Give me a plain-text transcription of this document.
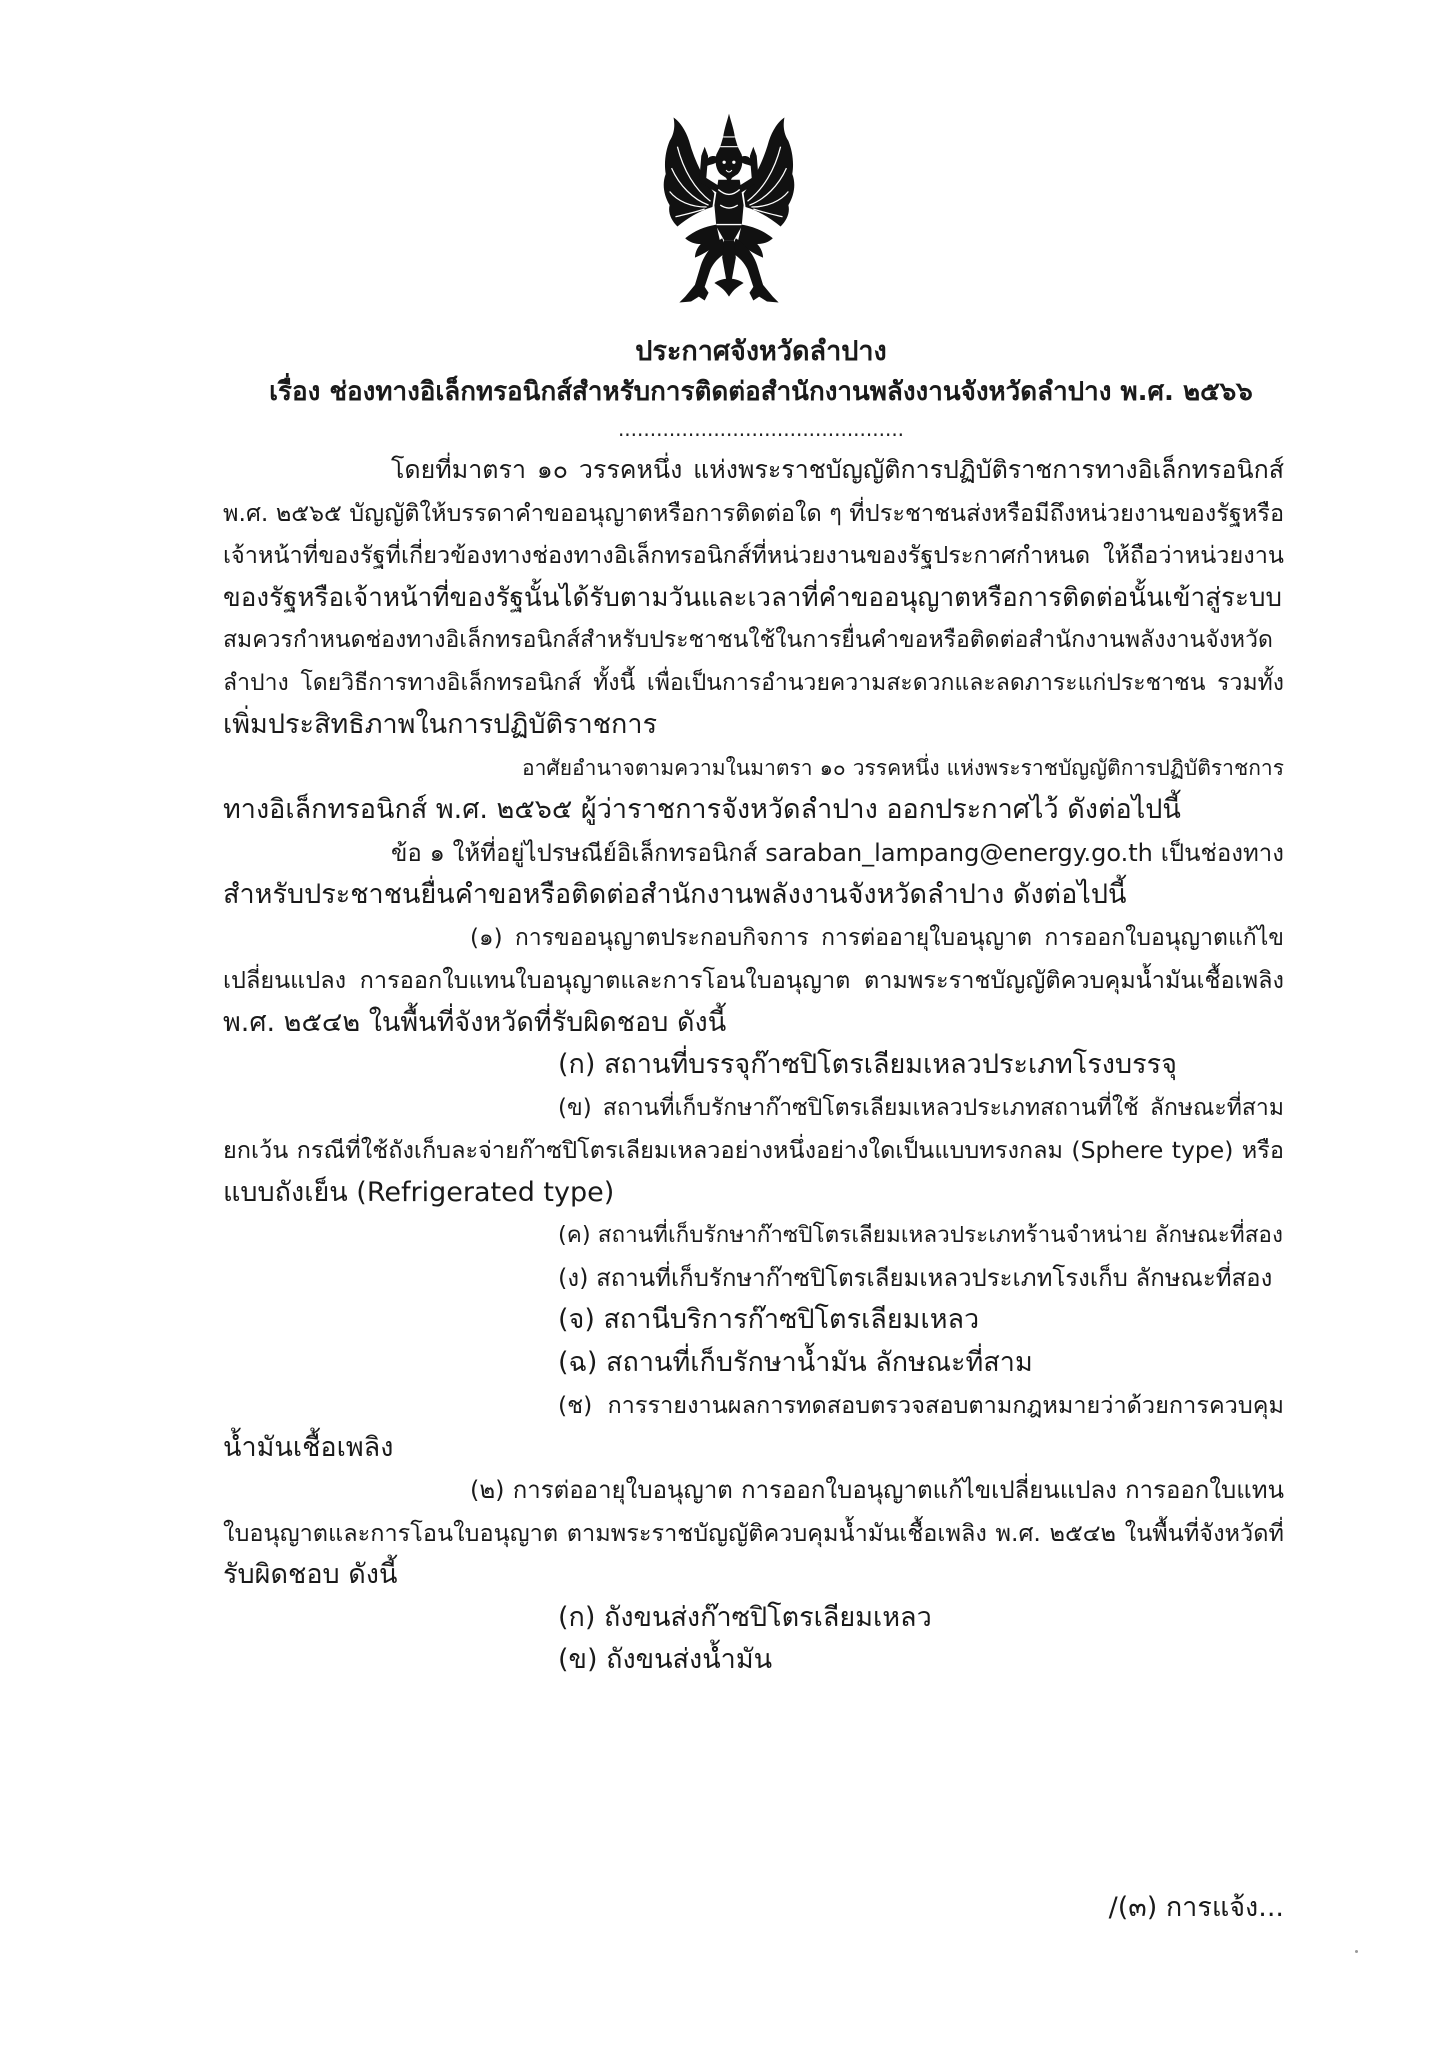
ประกาศจังหวัดลำปาง
เรื่อง ช่องทางอิเล็กทรอนิกส์สำหรับการติดต่อสำนักงานพลังงานจังหวัดลำปาง พ.ศ. ๒๕๖๖
.............................................
โดยที่มาตรา ๑๐ วรรคหนึ่ง แห่งพระราชบัญญัติการปฏิบัติราชการทางอิเล็กทรอนิกส์
พ.ศ. ๒๕๖๕ บัญญัติให้บรรดาคำขออนุญาตหรือการติดต่อใด ๆ ที่ประชาชนส่งหรือมีถึงหน่วยงานของรัฐหรือ
เจ้าหน้าที่ของรัฐที่เกี่ยวข้องทางช่องทางอิเล็กทรอนิกส์ที่หน่วยงานของรัฐประกาศกำหนด ให้ถือว่าหน่วยงาน
ของรัฐหรือเจ้าหน้าที่ของรัฐนั้นได้รับตามวันและเวลาที่คำขออนุญาตหรือการติดต่อนั้นเข้าสู่ระบบ
สมควรกำหนดช่องทางอิเล็กทรอนิกส์สำหรับประชาชนใช้ในการยื่นคำขอหรือติดต่อสำนักงานพลังงานจังหวัด
ลำปาง โดยวิธีการทางอิเล็กทรอนิกส์ ทั้งนี้ เพื่อเป็นการอำนวยความสะดวกและลดภาระแก่ประชาชน รวมทั้ง
เพิ่มประสิทธิภาพในการปฏิบัติราชการ
อาศัยอำนาจตามความในมาตรา ๑๐ วรรคหนึ่ง แห่งพระราชบัญญัติการปฏิบัติราชการ
ทางอิเล็กทรอนิกส์ พ.ศ. ๒๕๖๕ ผู้ว่าราชการจังหวัดลำปาง ออกประกาศไว้ ดังต่อไปนี้
ข้อ ๑ ให้ที่อยู่ไปรษณีย์อิเล็กทรอนิกส์ saraban_lampang@energy.go.th เป็นช่องทาง
สำหรับประชาชนยื่นคำขอหรือติดต่อสำนักงานพลังงานจังหวัดลำปาง ดังต่อไปนี้
(๑) การขออนุญาตประกอบกิจการ การต่ออายุใบอนุญาต การออกใบอนุญาตแก้ไข
เปลี่ยนแปลง การออกใบแทนใบอนุญาตและการโอนใบอนุญาต ตามพระราชบัญญัติควบคุมน้ำมันเชื้อเพลิง
พ.ศ. ๒๕๔๒ ในพื้นที่จังหวัดที่รับผิดชอบ ดังนี้
(ก) สถานที่บรรจุก๊าซปิโตรเลียมเหลวประเภทโรงบรรจุ
(ข) สถานที่เก็บรักษาก๊าซปิโตรเลียมเหลวประเภทสถานที่ใช้ ลักษณะที่สาม
ยกเว้น กรณีที่ใช้ถังเก็บละจ่ายก๊าซปิโตรเลียมเหลวอย่างหนึ่งอย่างใดเป็นแบบทรงกลม (Sphere type) หรือ
แบบถังเย็น (Refrigerated type)
(ค) สถานที่เก็บรักษาก๊าซปิโตรเลียมเหลวประเภทร้านจำหน่าย ลักษณะที่สอง
(ง) สถานที่เก็บรักษาก๊าซปิโตรเลียมเหลวประเภทโรงเก็บ ลักษณะที่สอง
(จ) สถานีบริการก๊าซปิโตรเลียมเหลว
(ฉ) สถานที่เก็บรักษาน้ำมัน ลักษณะที่สาม
(ช) การรายงานผลการทดสอบตรวจสอบตามกฎหมายว่าด้วยการควบคุม
น้ำมันเชื้อเพลิง
(๒) การต่ออายุใบอนุญาต การออกใบอนุญาตแก้ไขเปลี่ยนแปลง การออกใบแทน
ใบอนุญาตและการโอนใบอนุญาต ตามพระราชบัญญัติควบคุมน้ำมันเชื้อเพลิง พ.ศ. ๒๕๔๒ ในพื้นที่จังหวัดที่
รับผิดชอบ ดังนี้
(ก) ถังขนส่งก๊าซปิโตรเลียมเหลว
(ข) ถังขนส่งน้ำมัน
/(๓) การแจ้ง...
